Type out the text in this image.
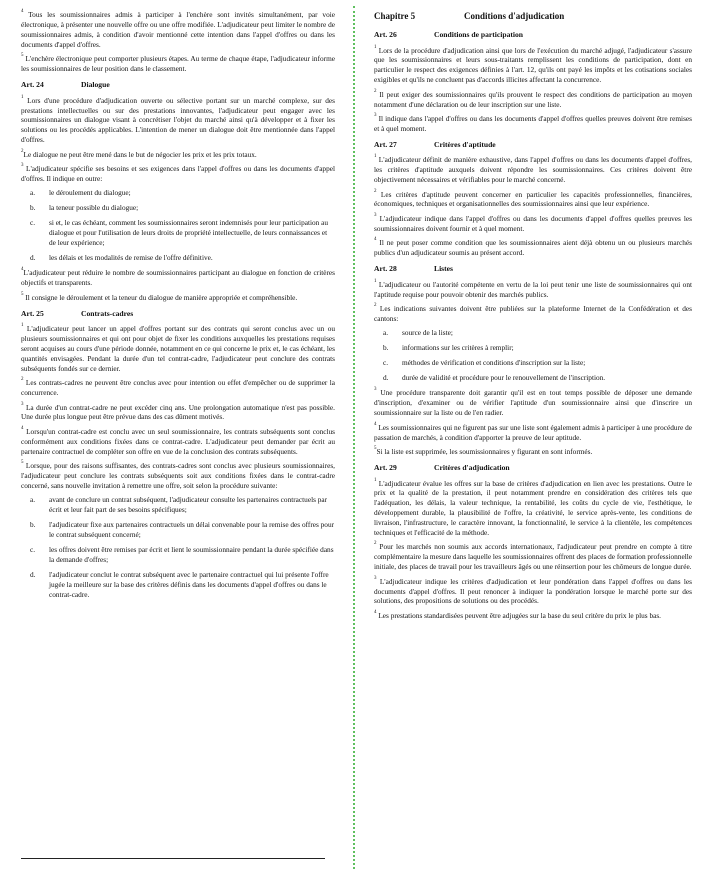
$^4$ Tous les soumissionnaires admis à participer à l'enchère sont invités simultanément, par voie électronique, à présenter une nouvelle offre ou une offre modifiée. L'adjudicateur peut limiter le nombre de soumissionnaires admis, à condition d'avoir mentionné cette intention dans l'appel d'offres ou dans les documents d'appel d'offres.

$^5$ L'enchère électronique peut comporter plusieurs étapes. Au terme de chaque étape, l'adjudicateur informe les soumissionnaires de leur position dans le classement.

Art. 24	Dialogue

$^1$ Lors d'une procédure d'adjudication ouverte ou sélective portant sur un marché complexe, sur des prestations intellectuelles ou sur des prestations innovantes, l'adjudicateur peut engager avec les soumissionnaires un dialogue visant à concrétiser l'objet du marché ainsi qu'à développer et à fixer les solutions ou les procédés applicables. L'intention de mener un dialogue doit être mentionnée dans l'appel d'offres.

$^2$Le dialogue ne peut être mené dans le but de négocier les prix et les prix totaux.

$^3$ L'adjudicateur spécifie ses besoins et ses exigences dans l'appel d'offres ou dans les documents d'appel d'offres. Il indique en outre:

a.	le déroulement du dialogue;
b.	la teneur possible du dialogue;
c.	si et, le cas échéant, comment les soumissionnaires seront indemnisés pour leur participation au dialogue et pour l'utilisation de leurs droits de propriété intellectuelle, de leurs connaissances et de leur expérience;
d.	les délais et les modalités de remise de l'offre définitive.

$^4$L'adjudicateur peut réduire le nombre de soumissionnaires participant au dialogue en fonction de critères objectifs et transparents.

$^5$ Il consigne le déroulement et la teneur du dialogue de manière appropriée et compréhensible.

Art. 25	Contrats-cadres

$^1$ L'adjudicateur peut lancer un appel d'offres portant sur des contrats qui seront conclus avec un ou plusieurs soumissionnaires et qui ont pour objet de fixer les conditions auxquelles les prestations requises seront acquises au cours d'une période donnée, notamment en ce qui concerne le prix et, le cas échéant, les quantités envisagées. Pendant la durée d'un tel contrat-cadre, l'adjudicateur peut conclure des contrats subséquents fondés sur ce dernier.

$^2$ Les contrats-cadres ne peuvent être conclus avec pour intention ou effet d'empêcher ou de supprimer la concurrence.

$^3$ La durée d'un contrat-cadre ne peut excéder cinq ans. Une prolongation automatique n'est pas possible. Une durée plus longue peut être prévue dans des cas dûment motivés.

$^4$ Lorsqu'un contrat-cadre est conclu avec un seul soumissionnaire, les contrats subséquents sont conclus conformément aux conditions fixées dans ce contrat-cadre. L'adjudicateur peut demander par écrit au partenaire contractuel de compléter son offre en vue de la conclusion des contrats subséquents.

$^5$ Lorsque, pour des raisons suffisantes, des contrats-cadres sont conclus avec plusieurs soumissionnaires, l'adjudicateur peut conclure les contrats subséquents soit aux conditions fixées dans le contrat-cadre concerné, sans nouvelle invitation à remettre une offre, soit selon la procédure suivante:

a.	avant de conclure un contrat subséquent, l'adjudicateur consulte les partenaires contractuels par écrit et leur fait part de ses besoins spécifiques;
b.	l'adjudicateur fixe aux partenaires contractuels un délai convenable pour la remise des offres pour le contrat subséquent concerné;
c.	les offres doivent être remises par écrit et lient le soumissionnaire pendant la durée spécifiée dans la demande d'offres;
d.	l'adjudicateur conclut le contrat subséquent avec le partenaire contractuel qui lui présente l'offre jugée la meilleure sur la base des critères définis dans les documents d'appel d'offres ou dans le contrat-cadre.
Chapitre 5	Conditions d'adjudication
Art. 26	Conditions de participation

$^1$ Lors de la procédure d'adjudication ainsi que lors de l'exécution du marché adjugé, l'adjudicateur s'assure que les soumissionnaires et leurs sous-traitants remplissent les conditions de participation, dont en particulier le respect des exigences définies à l'art. 12, qu'ils ont payé les impôts et les cotisations sociales exigibles et qu'ils ne concluent pas d'accords illicites affectant la concurrence.

$^2$ Il peut exiger des soumissionnaires qu'ils prouvent le respect des conditions de participation au moyen notamment d'une déclaration ou de leur inscription sur une liste.

$^3$ Il indique dans l'appel d'offres ou dans les documents d'appel d'offres quelles preuves doivent être remises et à quel moment.

Art. 27	Critères d'aptitude

$^1$ L'adjudicateur définit de manière exhaustive, dans l'appel d'offres ou dans les documents d'appel d'offres, les critères d'aptitude auxquels doivent répondre les soumissionnaires. Ces critères doivent être objectivement nécessaires et vérifiables pour le marché concerné.

$^2$ Les critères d'aptitude peuvent concerner en particulier les capacités professionnelles, financières, économiques, techniques et organisationnelles des soumissionnaires ainsi que leur expérience.

$^3$ L'adjudicateur indique dans l'appel d'offres ou dans les documents d'appel d'offres quelles preuves les soumissionnaires doivent fournir et à quel moment.

$^4$ Il ne peut poser comme condition que les soumissionnaires aient déjà obtenu un ou plusieurs marchés publics d'un adjudicateur soumis au présent accord.

Art. 28	Listes

$^1$ L'adjudicateur ou l'autorité compétente en vertu de la loi peut tenir une liste de soumissionnaires qui ont l'aptitude requise pour pouvoir obtenir des marchés publics.

$^2$ Les indications suivantes doivent être publiées sur la plateforme Internet de la Confédération et des cantons:

a.	source de la liste;
b.	informations sur les critères à remplir;
c.	méthodes de vérification et conditions d'inscription sur la liste;
d.	durée de validité et procédure pour le renouvellement de l'inscription.

$^3$ Une procédure transparente doit garantir qu'il est en tout temps possible de déposer une demande d'inscription, d'examiner ou de vérifier l'aptitude d'un soumissionnaire ainsi que d'inscrire un soumissionnaire sur la liste ou de l'en radier.

$^4$ Les soumissionnaires qui ne figurent pas sur une liste sont également admis à participer à une procédure de passation de marchés, à condition d'apporter la preuve de leur aptitude.

$^5$Si la liste est supprimée, les soumissionnaires y figurant en sont informés.

Art. 29	Critères d'adjudication

$^1$ L'adjudicateur évalue les offres sur la base de critères d'adjudication en lien avec les prestations. Outre le prix et la qualité de la prestation, il peut notamment prendre en considération des critères tels que l'adéquation, les délais, la valeur technique, la rentabilité, les coûts du cycle de vie, l'esthétique, le développement durable, la plausibilité de l'offre, la créativité, le service après-vente, les conditions de livraison, l'infrastructure, le caractère innovant, la fonctionnalité, le service à la clientèle, les compétences techniques et l'efficacité de la méthode.

$^2$ Pour les marchés non soumis aux accords internationaux, l'adjudicateur peut prendre en compte à titre complémentaire la mesure dans laquelle les soumissionnaires offrent des places de formation professionnelle initiale, des places de travail pour les travailleurs âgés ou une réinsertion pour les chômeurs de longue durée.

$^3$ L'adjudicateur indique les critères d'adjudication et leur pondération dans l'appel d'offres ou dans les documents d'appel d'offres. Il peut renoncer à indiquer la pondération lorsque le marché porte sur des solutions, des propositions de solutions ou des procédés.

$^4$ Les prestations standardisées peuvent être adjugées sur la base du seul critère du prix le plus bas.
